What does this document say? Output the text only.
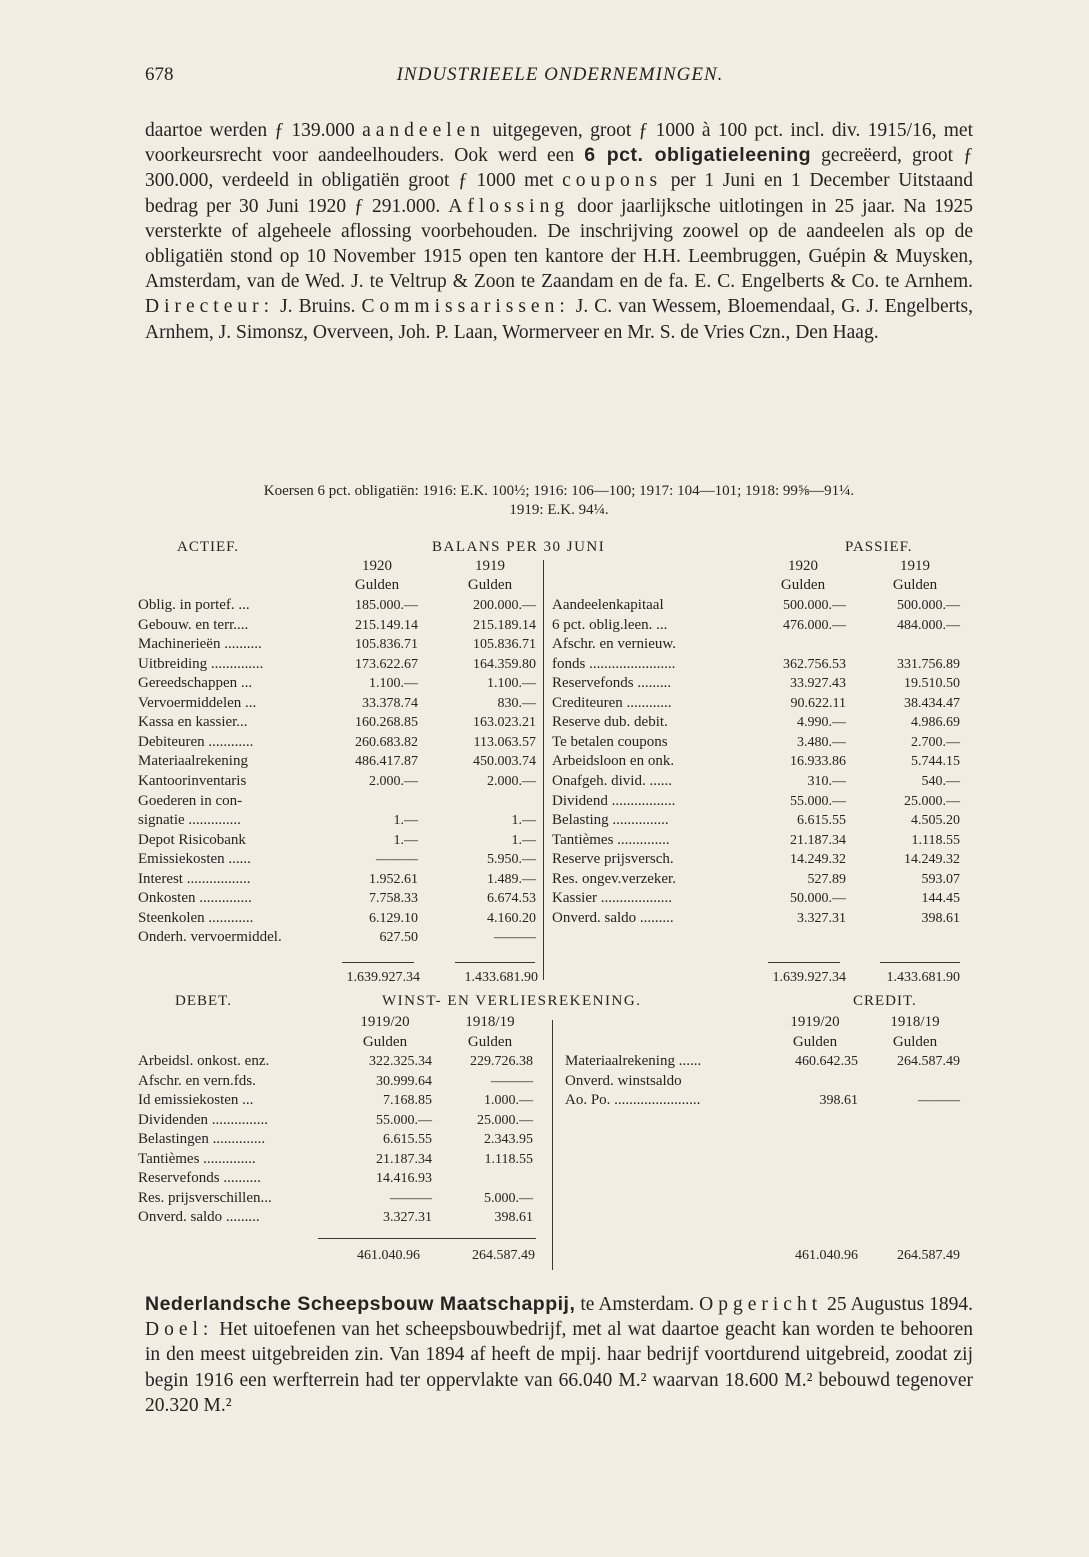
678	INDUSTRIEELE ONDERNEMINGEN.

daartoe werden ƒ 139.000 aandeelen uitgegeven, groot ƒ 1000 à 100 pct. incl. div. 1915/16, met voorkeursrecht voor aandeelhouders. Ook werd een 6 pct. obligatieleening gecreëerd, groot ƒ 300.000, verdeeld in obligatiën groot ƒ 1000 met coupons per 1 Juni en 1 December Uitstaand bedrag per 30 Juni 1920 ƒ 291.000. Aflossing door jaarlijksche uitlotingen in 25 jaar. Na 1925 versterkte of algeheele aflossing voorbehouden. De inschrijving zoowel op de aandeelen als op de obligatiën stond op 10 November 1915 open ten kantore der H.H. Leembruggen, Guépin & Muysken, Amsterdam, van de Wed. J. te Veltrup & Zoon te Zaandam en de fa. E. C. Engelberts & Co. te Arnhem. Directeur: J. Bruins. Commissarissen: J. C. van Wessem, Bloemendaal, G. J. Engelberts, Arnhem, J. Simonsz, Overveen, Joh. P. Laan, Wormerveer en Mr. S. de Vries Czn., Den Haag.

Koersen 6 pct. obligatiën: 1916: E.K. 100½; 1916: 106—100; 1917: 104—101; 1918: 99⅝—91¼.
1919: E.K. 94¼.
ACTIEF.	BALANS PER 30 JUNI	PASSIEF.
1920	1919	1920	1919
Gulden	Gulden	Gulden	Gulden
Oblig. in portef. ...	185.000.—	200.000.—
Gebouw. en terr....	215.149.14	215.189.14
Machinerieën ..........	105.836.71	105.836.71
Uitbreiding ..............	173.622.67	164.359.80
Gereedschappen ...	1.100.—	1.100.—
Vervoermiddelen ...	33.378.74	830.—
Kassa en kassier...	160.268.85	163.023.21
Debiteuren ............	260.683.82	113.063.57
Materiaalrekening	486.417.87	450.003.74
Kantoorinventaris	2.000.—	2.000.—
Goederen in con-
signatie ..............	1.—	1.—
Depot Risicobank	1.—	1.—
Emissiekosten ......	———	5.950.—
Interest .................	1.952.61	1.489.—
Onkosten ..............	7.758.33	6.674.53
Steenkolen ............	6.129.10	4.160.20
Onderh. vervoermiddel.	627.50	———
Aandeelenkapitaal	500.000.—	500.000.—
6 pct. oblig.leen. ...	476.000.—	484.000.—
Afschr. en vernieuw.
fonds .......................	362.756.53	331.756.89
Reservefonds .........	33.927.43	19.510.50
Crediteuren ............	90.622.11	38.434.47
Reserve dub. debit.	4.990.—	4.986.69
Te betalen coupons	3.480.—	2.700.—
Arbeidsloon en onk.	16.933.86	5.744.15
Onafgeh. divid. ......	310.—	540.—
Dividend .................	55.000.—	25.000.—
Belasting ...............	6.615.55	4.505.20
Tantièmes ..............	21.187.34	1.118.55
Reserve prijsversch.	14.249.32	14.249.32
Res. ongev.verzeker.	527.89	593.07
Kassier ...................	50.000.—	144.45
Onverd. saldo .........	3.327.31	398.61
1.639.927.34	1.433.681.90	1.639.927.34	1.433.681.90
DEBET.	WINST- EN VERLIESREKENING.	CREDIT.
1919/20	1918/19	1919/20	1918/19
Gulden	Gulden	Gulden	Gulden
Arbeidsl. onkost. enz.	322.325.34	229.726.38
Afschr. en vern.fds.	30.999.64	———
Id emissiekosten ...	7.168.85	1.000.—
Dividenden ...............	55.000.—	25.000.—
Belastingen ..............	6.615.55	2.343.95
Tantièmes ..............	21.187.34	1.118.55
Reservefonds ..........	14.416.93
Res. prijsverschillen...	———	5.000.—
Onverd. saldo .........	3.327.31	398.61
Materiaalrekening ......	460.642.35	264.587.49
Onverd. winstsaldo
Ao. Po. .......................	398.61	———
461.040.96	264.587.49	461.040.96	264.587.49

Nederlandsche Scheepsbouw Maatschappij, te Amsterdam. Opgericht 25 Augustus 1894. Doel: Het uitoefenen van het scheepsbouwbedrijf, met al wat daartoe geacht kan worden te behooren in den meest uitgebreiden zin. Van 1894 af heeft de mpij. haar bedrijf voortdurend uitgebreid, zoodat zij begin 1916 een werfterrein had ter oppervlakte van 66.040 M.² waarvan 18.600 M.² bebouwd tegenover 20.320 M.²
